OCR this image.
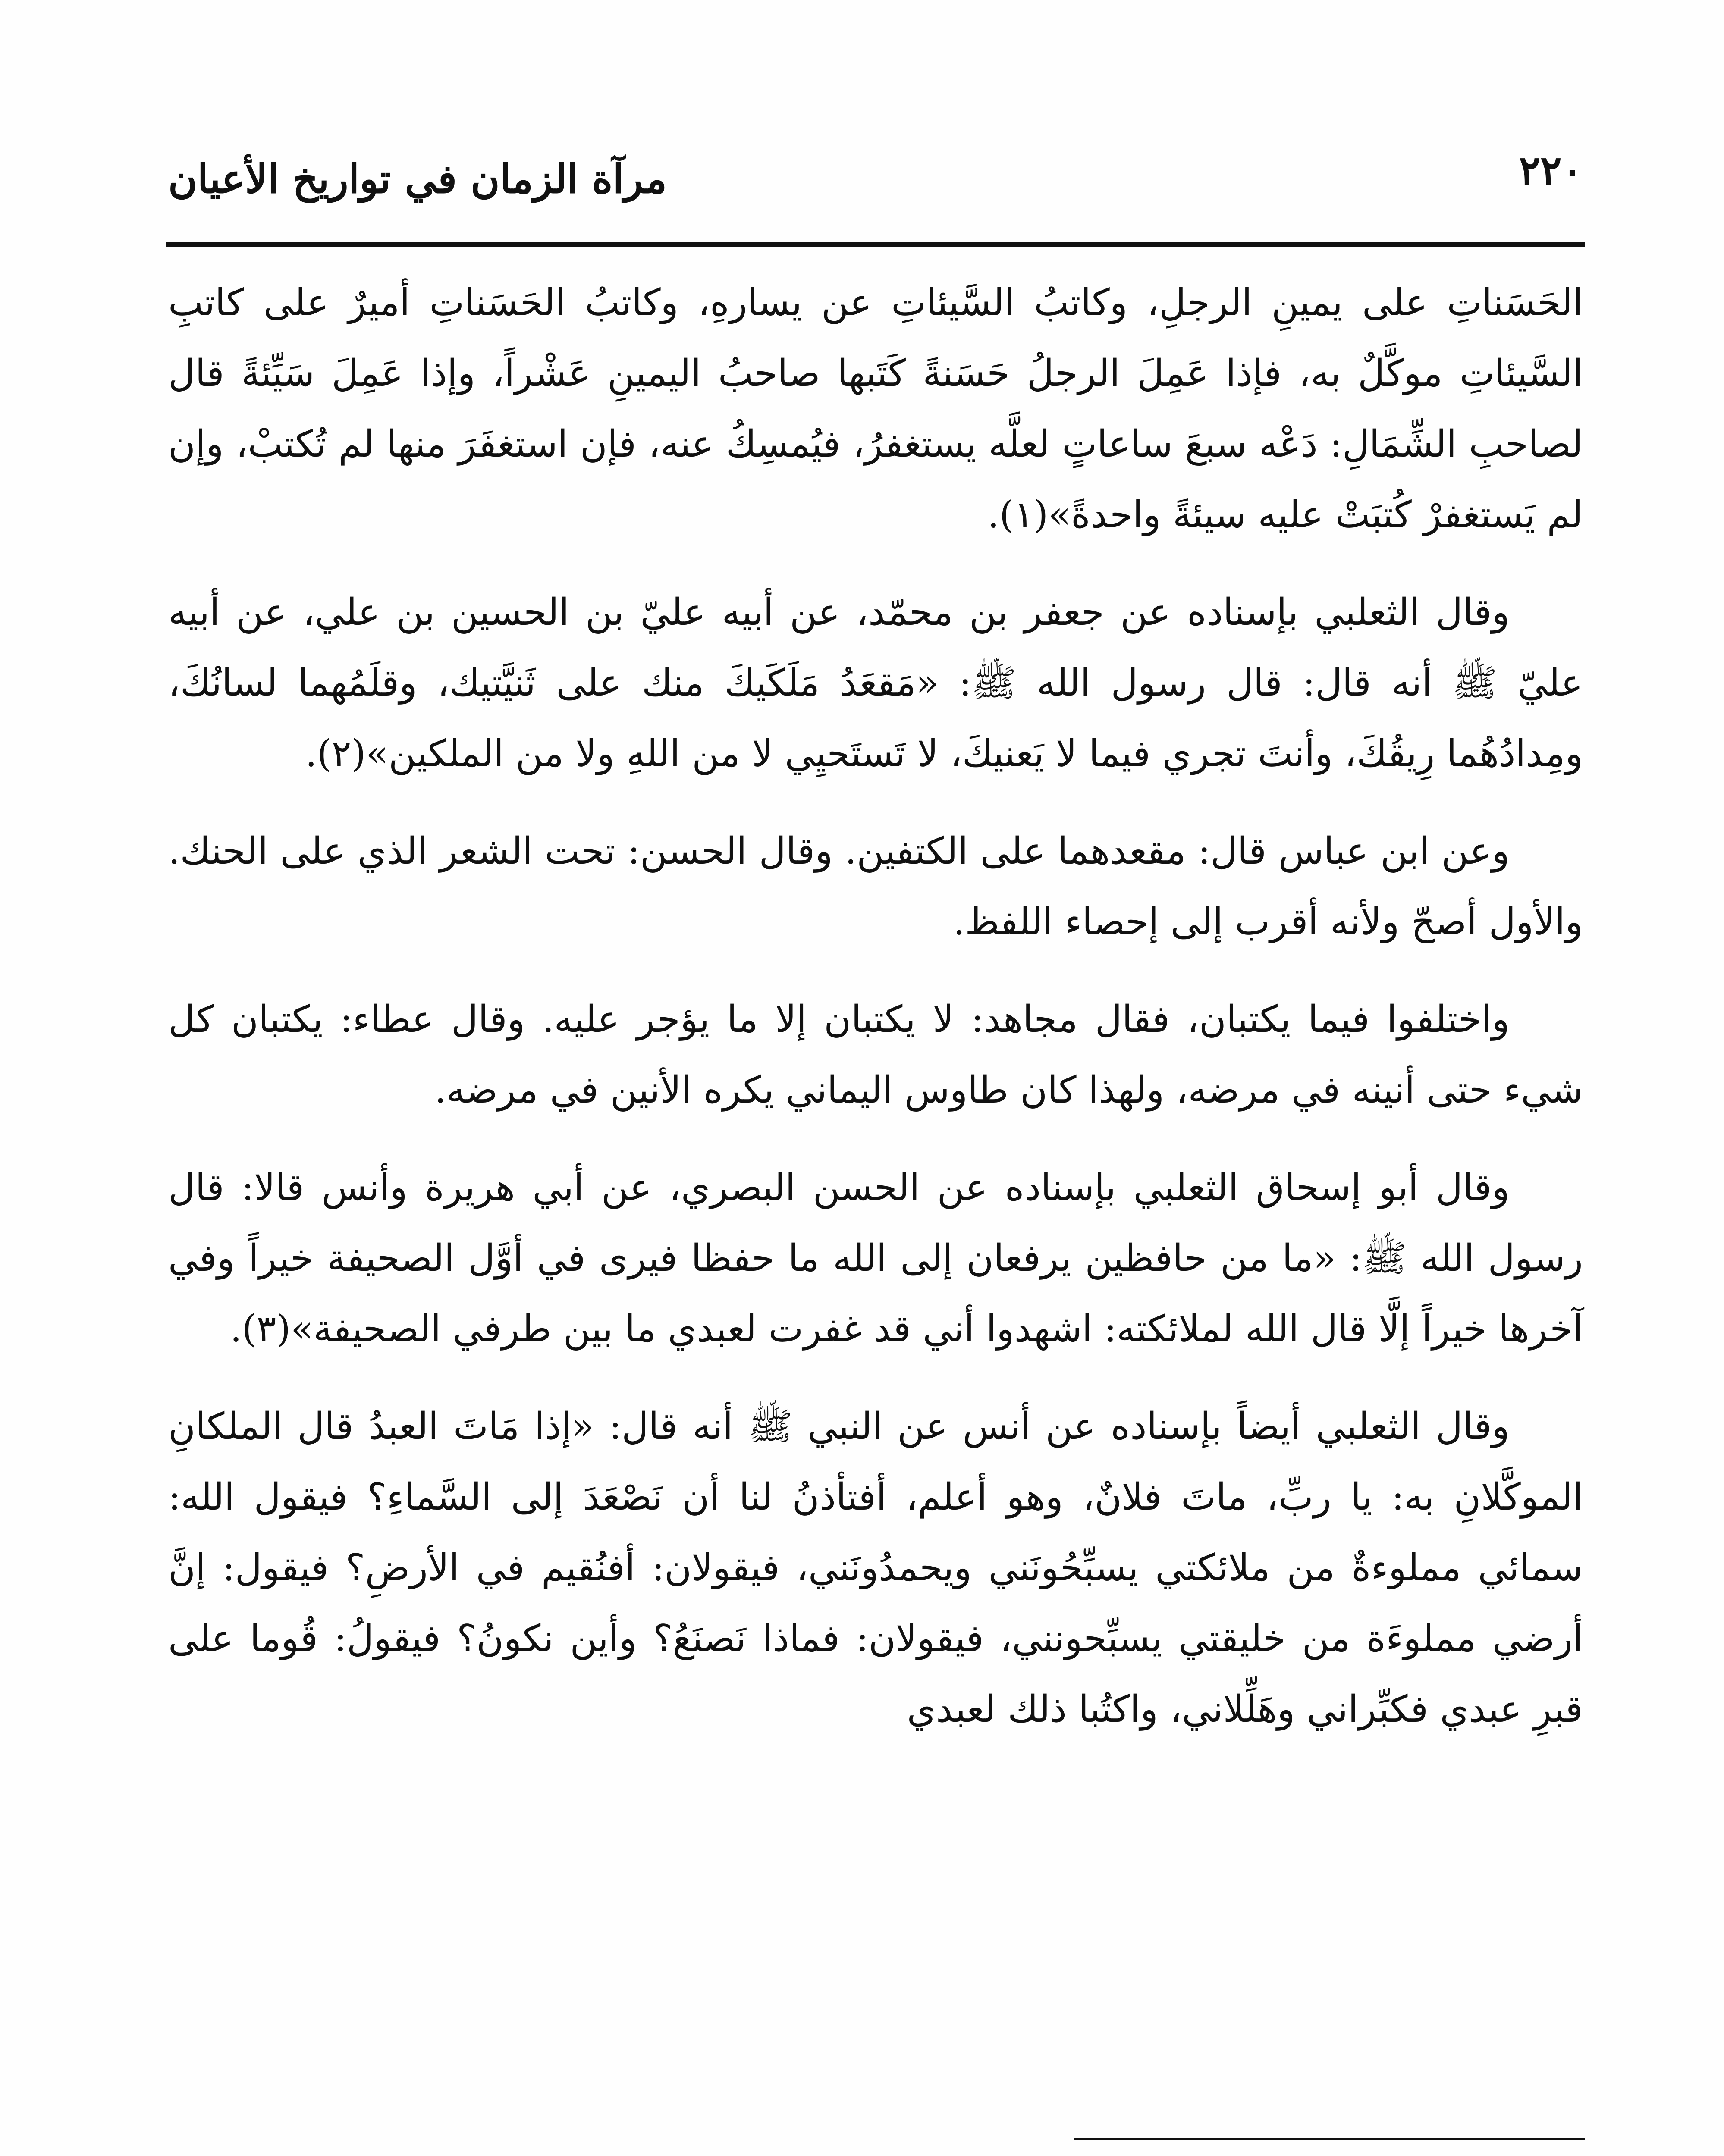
٢٢٠
مرآة الزمان في تواريخ الأعيان

الحَسَناتِ على يمينِ الرجلِ، وكاتبُ السَّيئاتِ عن يسارهِ، وكاتبُ الحَسَناتِ أميرٌ على كاتبِ السَّيئاتِ موكَّلٌ به، فإذا عَمِلَ الرجلُ حَسَنةً كَتَبها صاحبُ اليمينِ عَشْراً، وإذا عَمِلَ سَيِّئةً قال لصاحبِ الشِّمَالِ: دَعْه سبعَ ساعاتٍ لعلَّه يستغفرُ، فيُمسِكُ عنه، فإن استغفَرَ منها لم تُكتبْ، وإن لم يَستغفرْ كُتبَتْ عليه سيئةً واحدةً»(١).

وقال الثعلبي بإسناده عن جعفر بن محمّد، عن أبيه عليّ بن الحسين بن علي، عن أبيه عليّ ﷺ أنه قال: قال رسول الله ﷺ: «مَقعَدُ مَلَكَيكَ منك على ثَنيَّتيك، وقلَمُهما لسانُكَ، ومِدادُهُما رِيقُكَ، وأنتَ تجري فيما لا يَعنيكَ، لا تَستَحيِي لا من اللهِ ولا من الملكين»(٢).

وعن ابن عباس قال: مقعدهما على الكتفين. وقال الحسن: تحت الشعر الذي على الحنك. والأول أصحّ ولأنه أقرب إلى إحصاء اللفظ.

واختلفوا فيما يكتبان، فقال مجاهد: لا يكتبان إلا ما يؤجر عليه. وقال عطاء: يكتبان كل شيء حتى أنينه في مرضه، ولهذا كان طاوس اليماني يكره الأنين في مرضه.

وقال أبو إسحاق الثعلبي بإسناده عن الحسن البصري، عن أبي هريرة وأنس قالا: قال رسول الله ﷺ: «ما من حافظين يرفعان إلى الله ما حفظا فيرى في أوَّل الصحيفة خيراً وفي آخرها خيراً إلَّا قال الله لملائكته: اشهدوا أني قد غفرت لعبدي ما بين طرفي الصحيفة»(٣).

وقال الثعلبي أيضاً بإسناده عن أنس عن النبي ﷺ أنه قال: «إذا مَاتَ العبدُ قال الملكانِ الموكَّلانِ به: يا ربِّ، ماتَ فلانٌ، وهو أعلم، أفتأذنُ لنا أن نَصْعَدَ إلى السَّماءِ؟ فيقول الله: سمائي مملوءةٌ من ملائكتي يسبِّحُونَني ويحمدُونَني، فيقولان: أفنُقيم في الأرضِ؟ فيقول: إنَّ أرضي مملوءَة من خليقتي يسبِّحونني، فيقولان: فماذا نَصنَعُ؟ وأين نكونُ؟ فيقولُ: قُوما على قبرِ عبدي فكبِّراني وهَلِّلاني، واكتُبا ذلك لعبدي
